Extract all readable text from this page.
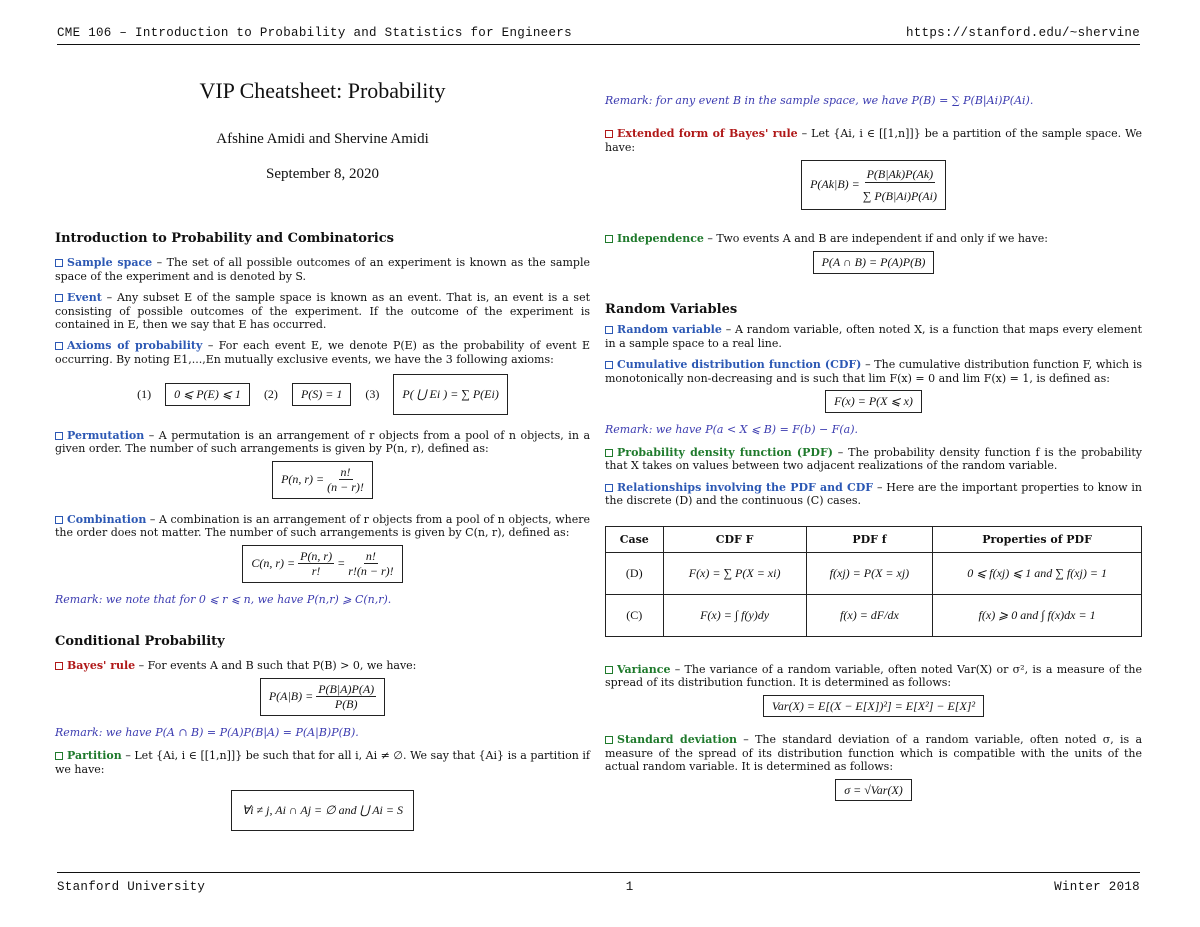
CME 106 – Introduction to Probability and Statistics for Engineers	https://stanford.edu/~shervine
VIP Cheatsheet: Probability
Afshine Amidi and Shervine Amidi
September 8, 2020
Introduction to Probability and Combinatorics
Sample space – The set of all possible outcomes of an experiment is known as the sample space of the experiment and is denoted by S.
Event – Any subset E of the sample space is known as an event. That is, an event is a set consisting of possible outcomes of the experiment. If the outcome of the experiment is contained in E, then we say that E has occurred.
Axioms of probability – For each event E, we denote P(E) as the probability of event E occurring. By noting E1,...,En mutually exclusive events, we have the 3 following axioms:
(1)	0 ⩽ P(E) ⩽ 1	(2)	P(S) = 1	(3)	P( ⋃ Ei ) = ∑ P(Ei)
Permutation – A permutation is an arrangement of r objects from a pool of n objects, in a given order. The number of such arrangements is given by P(n, r), defined as:
P(n, $r) = \frac{n!}{(n - r)!}$
Combination – A combination is an arrangement of r objects from a pool of n objects, where the order does not matter. The number of such arrangements is given by C(n, r), defined as:
C(n, $r) = \frac{P(n, r)}{r!} = \frac{n!}{r!(n - r)!}$
Remark: we note that for 0 ⩽ r ⩽ n, we have P(n,r) ⩾ C(n,r).
Conditional Probability
Bayes' rule – For events A and B such that P(B) > 0, we have:
$P(A|B) = \frac{P(B|A)P(A)}{P(B)}$
Remark: we have P(A ∩ B) = P(A)P(B|A) = P(A|B)P(B).
Partition – Let {Ai, i ∈ [[1,n]]} be such that for all i, Ai ≠ ∅. We say that {Ai} is a partition if we have:
∀i ≠ j, Ai ∩ Aj = ∅ and ⋃ Ai = S
Remark: for any event B in the sample space, we have P(B) = ∑ P(B|Ai)P(Ai).
Extended form of Bayes' rule – Let {Ai, i ∈ [[1,n]]} be a partition of the sample space. We have:
$P(Ak|B) = \frac{P(B|Ak)P(Ak)}{\sum P(B|Ai)P(Ai)}$
Independence – Two events A and B are independent if and only if we have:
P(A ∩ B) = P(A)P(B)
Random Variables
Random variable – A random variable, often noted X, is a function that maps every element in a sample space to a real line.
Cumulative distribution function (CDF) – The cumulative distribution function F, which is monotonically non-decreasing and is such that lim F(x) = 0 and lim F(x) = 1, is defined as:
F(x) = P(X ⩽ x)
Remark: we have P(a < X ⩽ B) = F(b) − F(a).
Probability density function (PDF) – The probability density function f is the probability that X takes on values between two adjacent realizations of the random variable.
Relationships involving the PDF and CDF – Here are the important properties to know in the discrete (D) and the continuous (C) cases.
Case	CDF F	PDF f	Properties of PDF
(D)	F(x) = ∑ P(X = xi)	f(xj) = P(X = xj)	0 ⩽ f(xj) ⩽ 1 and ∑ f(xj) = 1
(C)	F(x) = ∫ f(y)dy	f(x) = dF/dx	f(x) ⩾ 0 and ∫ f(x)dx = 1
Variance – The variance of a random variable, often noted Var(X) or σ², is a measure of the spread of its distribution function. It is determined as follows:
Var(X) = E[(X − E[X])²] = E[X²] − E[X]²
Standard deviation – The standard deviation of a random variable, often noted σ, is a measure of the spread of its distribution function which is compatible with the units of the actual random variable. It is determined as follows:
σ = √Var(X)
Stanford University	1	Winter 2018
